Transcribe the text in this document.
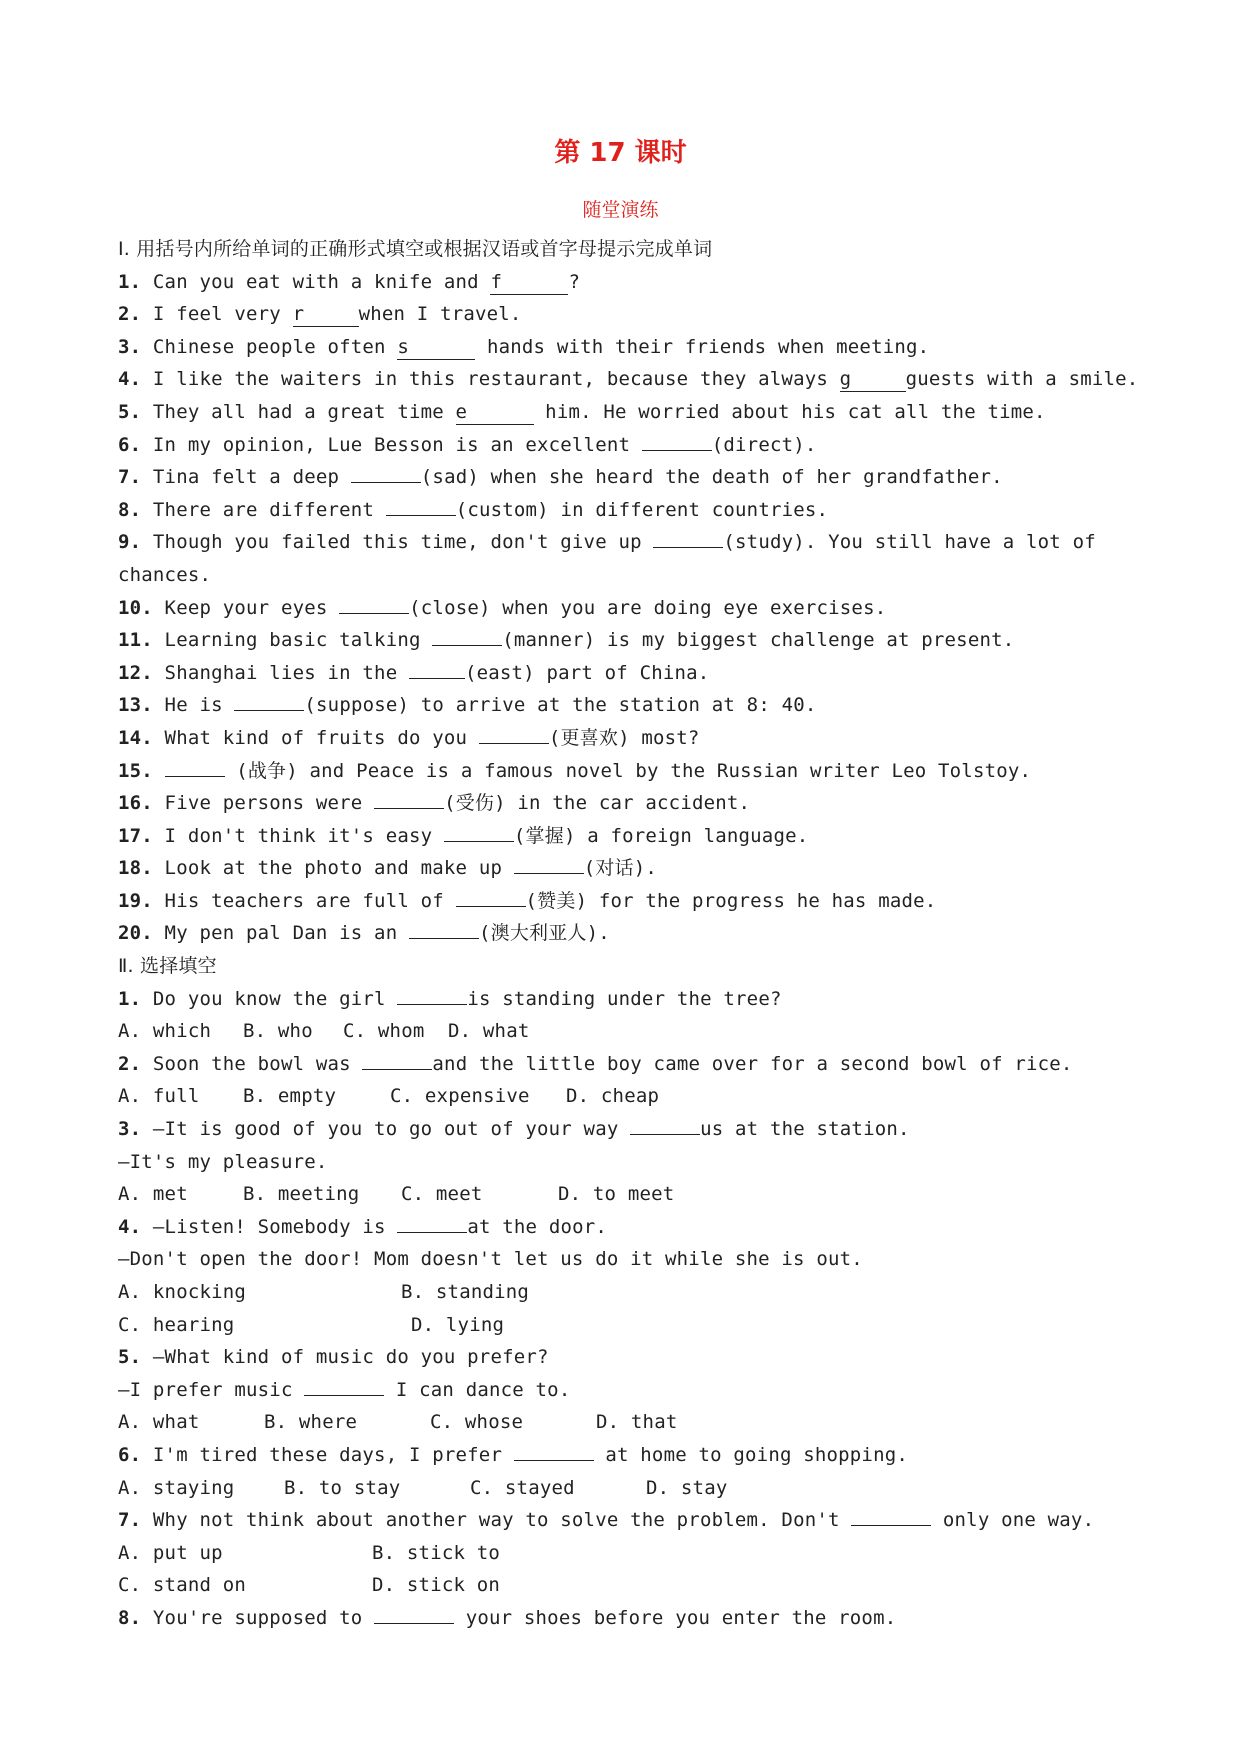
第 17 课时
随堂演练
Ⅰ. 用括号内所给单词的正确形式填空或根据汉语或首字母提示完成单词
1. Can you eat with a knife and f	?
2. I feel very r	when I travel.
3. Chinese people often s	hands with their friends when meeting.
4. I like the waiters in this restaurant, because they always g	guests with a smile.
5. They all had a great time e	him. He worried about his cat all the time.
6. In my opinion, Lue Besson is an excellent	(direct).
7. Tina felt a deep	(sad) when she heard the death of her grandfather.
8. There are different	(custom) in different countries.
9. Though you failed this time, don't give up	(study). You still have a lot of
chances.
10. Keep your eyes	(close) when you are doing eye exercises.
11. Learning basic talking	(manner) is my biggest challenge at present.
12. Shanghai lies in the	(east) part of China.
13. He is	(suppose) to arrive at the station at 8: 40.
14. What kind of fruits do you	(更喜欢) most?
15.	(战争) and Peace is a famous novel by the Russian writer Leo Tolstoy.
16. Five persons were	(受伤) in the car accident.
17. I don't think it's easy	(掌握) a foreign language.
18. Look at the photo and make up	(对话).
19. His teachers are full of	(赞美) for the progress he has made.
20. My pen pal Dan is an	(澳大利亚人).
Ⅱ. 选择填空
1. Do you know the girl	is standing under the tree?
A. which B. who C. whom D. what
2. Soon the bowl was	and the little boy came over for a second bowl of rice.
A. full B. empty	C. expensive D. cheap
3. —It is good of you to go out of your way	us at the station.
—It's my pleasure.
A. met	B. meeting C. meet	D. to meet
4. —Listen! Somebody is	at the door.
—Don't open the door! Mom doesn't let us do it while she is out.
A. knocking	B. standing
C. hearing	D. lying
5. —What kind of music do you prefer?
—I prefer music	I can dance to.
A. what	B. where	C. whose	D. that
6. I'm tired these days, I prefer	at home to going shopping.
A. staying	B. to stay	C. stayed	D. stay
7. Why not think about another way to solve the problem. Don't	only one way.
A. put up	B. stick to
C. stand on	D. stick on
8. You're supposed to	your shoes before you enter the room.
